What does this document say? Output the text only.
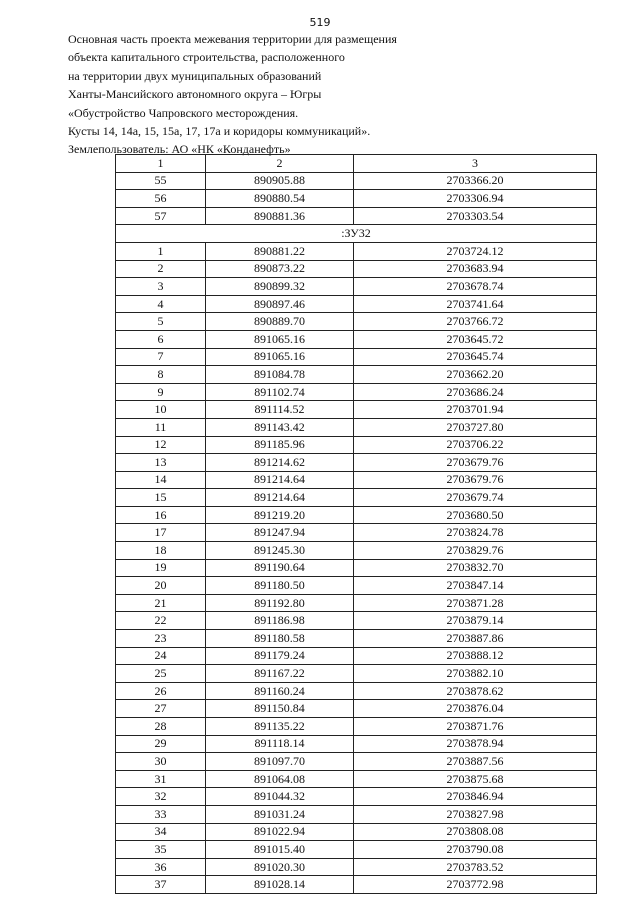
519
Основная часть проекта межевания территории для размещения
объекта капитального строительства, расположенного
на территории двух муниципальных образований
Ханты-Мансийского автономного округа – Югры
«Обустройство Чапровского месторождения.
Кусты 14, 14а, 15, 15а, 17, 17а и коридоры коммуникаций».
Землепользователь: АО «НК «Конданефть»
1	2	3
55	890905.88	2703366.20
56	890880.54	2703306.94
57	890881.36	2703303.54
:ЗУ32		
1	890881.22	2703724.12
2	890873.22	2703683.94
3	890899.32	2703678.74
4	890897.46	2703741.64
5	890889.70	2703766.72
6	891065.16	2703645.72
7	891065.16	2703645.74
8	891084.78	2703662.20
9	891102.74	2703686.24
10	891114.52	2703701.94
11	891143.42	2703727.80
12	891185.96	2703706.22
13	891214.62	2703679.76
14	891214.64	2703679.76
15	891214.64	2703679.74
16	891219.20	2703680.50
17	891247.94	2703824.78
18	891245.30	2703829.76
19	891190.64	2703832.70
20	891180.50	2703847.14
21	891192.80	2703871.28
22	891186.98	2703879.14
23	891180.58	2703887.86
24	891179.24	2703888.12
25	891167.22	2703882.10
26	891160.24	2703878.62
27	891150.84	2703876.04
28	891135.22	2703871.76
29	891118.14	2703878.94
30	891097.70	2703887.56
31	891064.08	2703875.68
32	891044.32	2703846.94
33	891031.24	2703827.98
34	891022.94	2703808.08
35	891015.40	2703790.08
36	891020.30	2703783.52
37	891028.14	2703772.98
